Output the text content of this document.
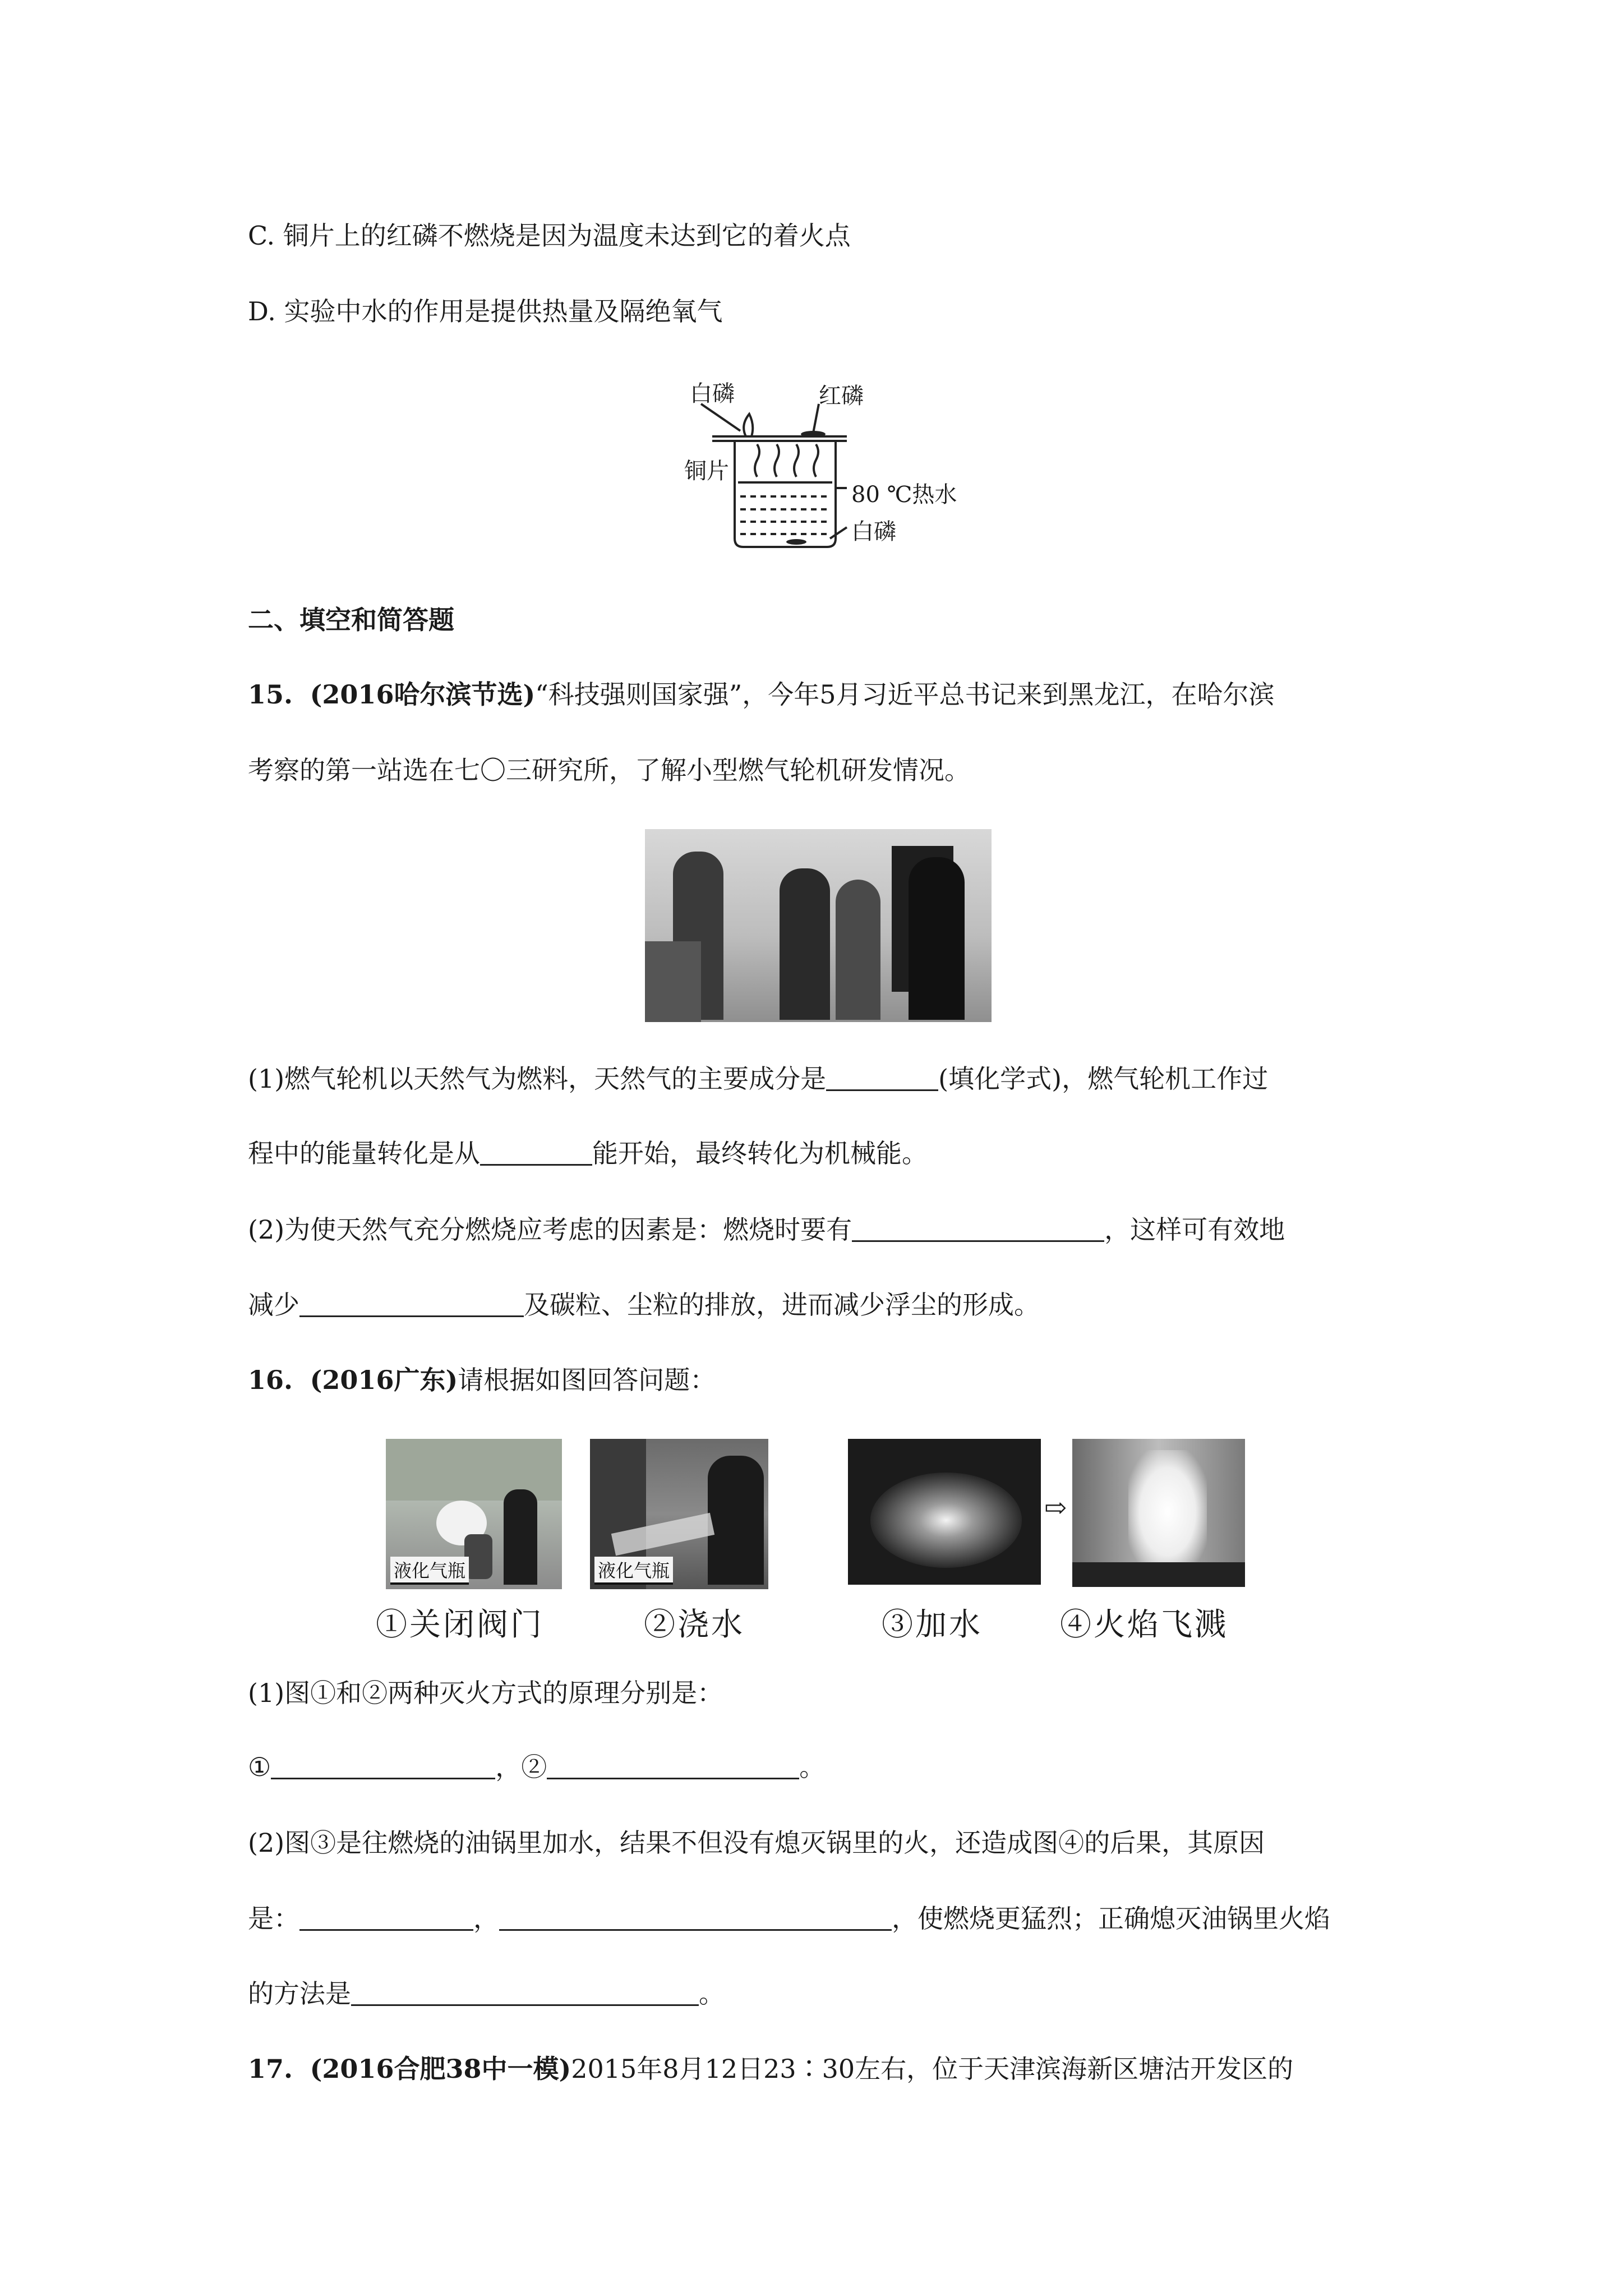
C. 铜片上的红磷不燃烧是因为温度未达到它的着火点
D. 实验中水的作用是提供热量及隔绝氧气
白磷	红磷
铜片
80 ℃热水
白磷
二、填空和简答题
15. (2016哈尔滨节选)“科技强则国家强”，今年5月习近平总书记来到黑龙江，在哈尔滨
考察的第一站选在七〇三研究所，了解小型燃气轮机研发情况。
(1)燃气轮机以天然气为燃料，天然气的主要成分是	(填化学式)，燃气轮机工作过
程中的能量转化是从	能开始，最终转化为机械能。
(2)为使天然气充分燃烧应考虑的因素是：燃烧时要有	，这样可有效地
减少	及碳粒、尘粒的排放，进而减少浮尘的形成。
16. (2016广东)请根据如图回答问题：
液化气瓶	液化气瓶
⇨
①关闭阀门	②浇水	③加水 ④火焰飞溅
(1)图①和②两种灭火方式的原理分别是：
①	，②	。
(2)图③是往燃烧的油锅里加水，结果不但没有熄灭锅里的火，还造成图④的后果，其原因
是：	，	，使燃烧更猛烈；正确熄灭油锅里火焰
的方法是	。
17. (2016合肥38中一模)2015年8月12日23∶30左右，位于天津滨海新区塘沽开发区的
